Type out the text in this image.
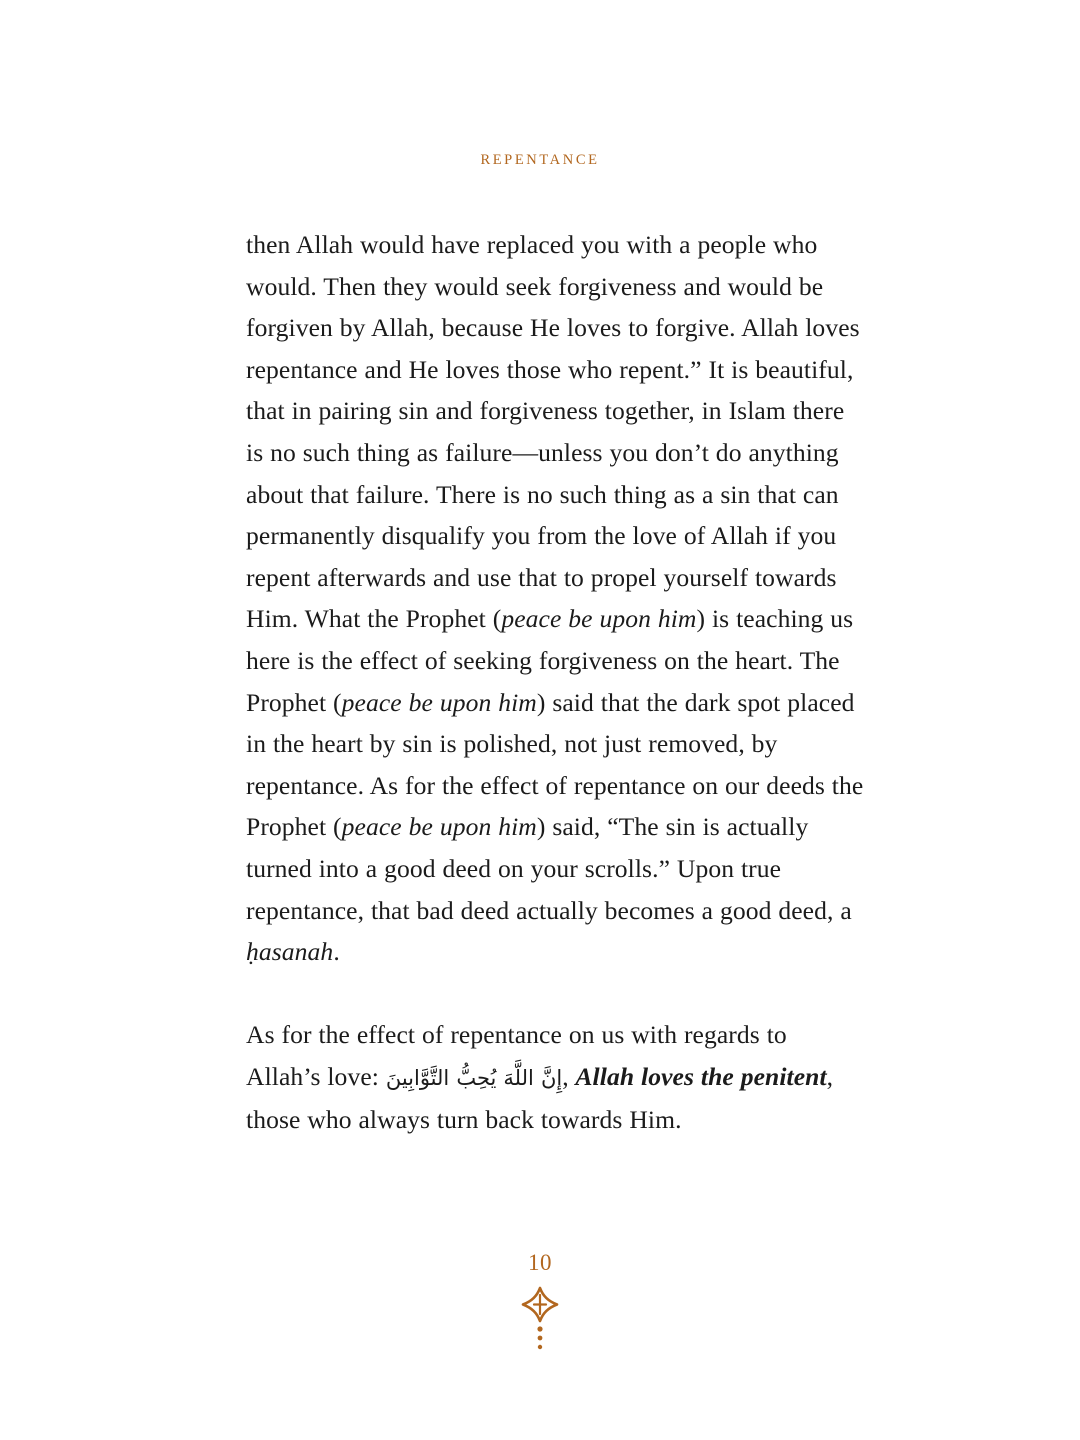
REPENTANCE

then Allah would have replaced you with a people who would. Then they would seek forgiveness and would be forgiven by Allah, because He loves to forgive. Allah loves repentance and He loves those who repent.” It is beautiful, that in pairing sin and forgiveness together, in Islam there is no such thing as failure—unless you don’t do anything about that failure. There is no such thing as a sin that can permanently disqualify you from the love of Allah if you repent afterwards and use that to propel yourself towards Him. What the Prophet (peace be upon him) is teaching us here is the effect of seeking forgiveness on the heart. The Prophet (peace be upon him) said that the dark spot placed in the heart by sin is polished, not just removed, by repentance. As for the effect of repentance on our deeds the Prophet (peace be upon him) said, “The sin is actually turned into a good deed on your scrolls.” Upon true repentance, that bad deed actually becomes a good deed, a ḥasanah.

As for the effect of repentance on us with regards to Allah’s love: إِنَّ اللَّهَ يُحِبُّ التَّوَّابِينَ, Allah loves the penitent, those who always turn back towards Him.

10
